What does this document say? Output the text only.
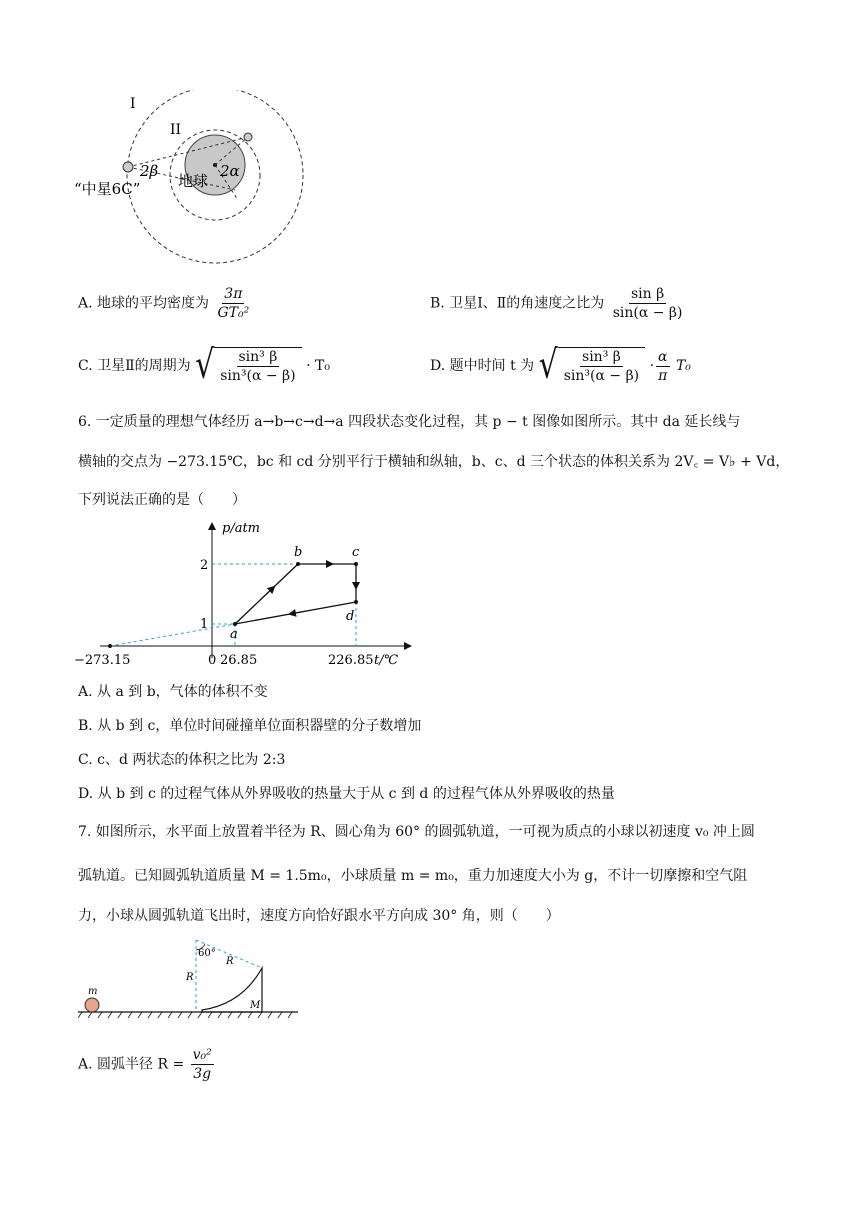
I
II
2β	2α
“中星6C”	地球
A. 地球的平均密度为 $\frac{3\pi}{\text{GT₀²}}$	B. 卫星Ⅰ、Ⅱ的角速度之比为 $\frac{\text{sin β}}{\sin(\alpha - \beta)}$
C. 卫星Ⅱ的周期为 √ $\frac{\text{sin³ β}}{\text{sin³(α − β)}} \cdot T_0$	D. 题中时间 t 为 √ $\frac{\text{sin³ β}}{\text{sin³(α − β)}} \cdot \frac{\alpha}{\pi} T_0$
6. 一定质量的理想气体经历 a→b→c→d→a 四段状态变化过程，其 p − t 图像如图所示。其中 da 延长线与
横轴的交点为 −273.15℃，bc 和 cd 分别平行于横轴和纵轴，b、c、d 三个状态的体积关系为 2V꜀ = V♭ + Vd，
下列说法正确的是（　　）
p/atm
t/℃
2
1
0 26.85	226.85
−273.15
a
b	c
d
A. 从 a 到 b，气体的体积不变
B. 从 b 到 c，单位时间碰撞单位面积器壁的分子数增加
C. c、d 两状态的体积之比为 2:3
D. 从 b 到 c 的过程气体从外界吸收的热量大于从 c 到 d 的过程气体从外界吸收的热量
7. 如图所示，水平面上放置着半径为 R、圆心角为 60° 的圆弧轨道，一可视为质点的小球以初速度 v₀ 冲上圆
弧轨道。已知圆弧轨道质量 M = 1.5m₀，小球质量 m = m₀，重力加速度大小为 g，不计一切摩擦和空气阻
力，小球从圆弧轨道飞出时，速度方向恰好跟水平方向成 30° 角，则（　　）
60°
R
R
M
m
A. 圆弧半径 $R = \frac{\text{v₀²}}{3g}$
